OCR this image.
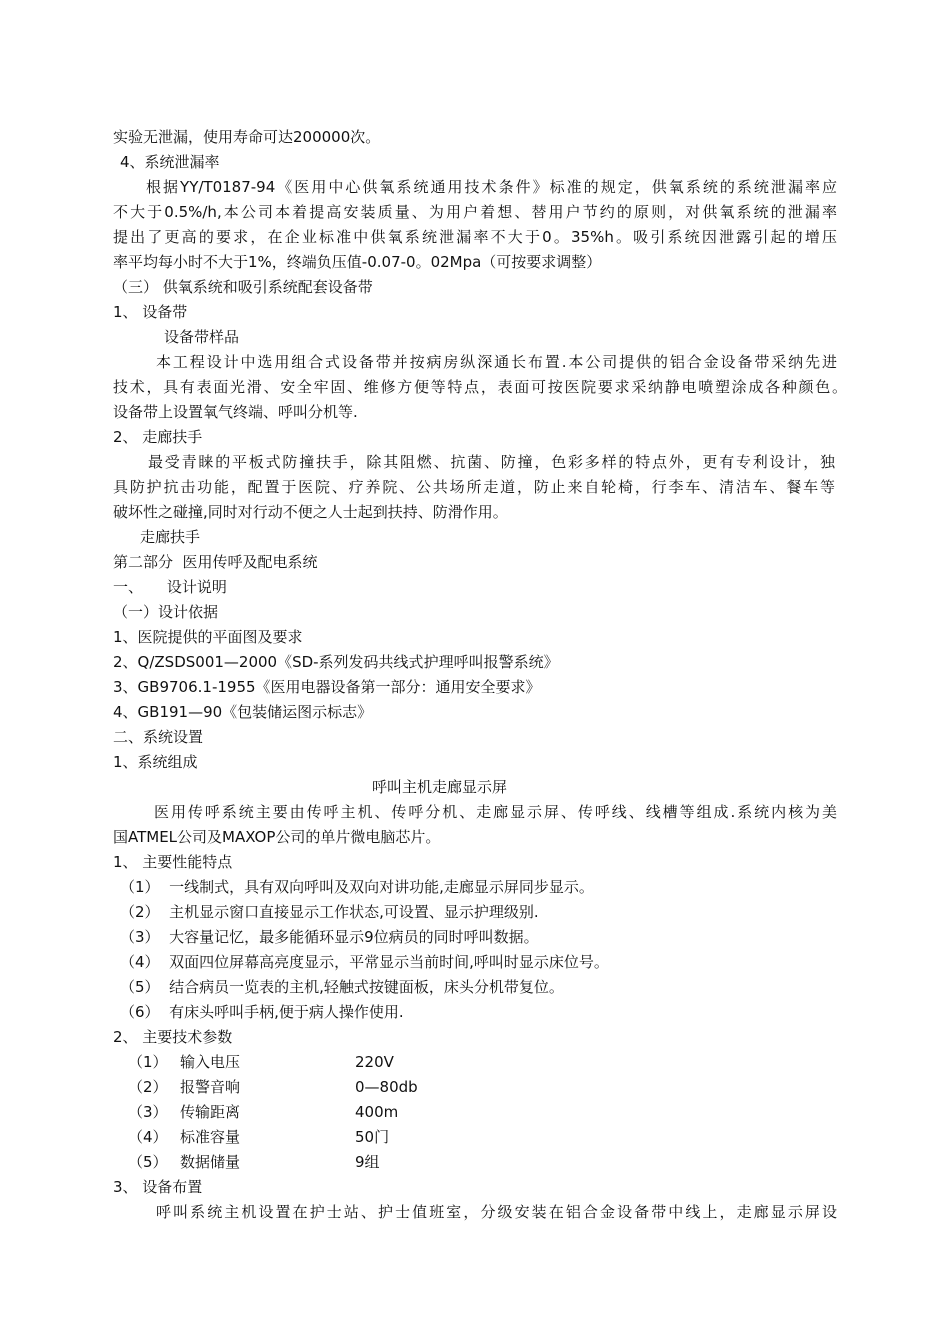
实验无泄漏，使用寿命可达200000次。
4、系统泄漏率
根据YY/T0187-94《医用中心供氧系统通用技术条件》标准的规定，供氧系统的系统泄漏率应
不大于0.5%/h,本公司本着提高安装质量、为用户着想、替用户节约的原则，对供氧系统的泄漏率
提出了更高的要求，在企业标准中供氧系统泄漏率不大于0。35%h。吸引系统因泄露引起的增压
率平均每小时不大于1%，终端负压值-0.07-0。02Mpa（可按要求调整）
（三） 供氧系统和吸引系统配套设备带
1、 设备带
设备带样品
本工程设计中选用组合式设备带并按病房纵深通长布置.本公司提供的铝合金设备带采纳先进
技术，具有表面光滑、安全牢固、维修方便等特点，表面可按医院要求采纳静电喷塑涂成各种颜色。
设备带上设置氧气终端、呼叫分机等.
2、 走廊扶手
最受青睐的平板式防撞扶手，除其阻燃、抗菌、防撞，色彩多样的特点外，更有专利设计，独
具防护抗击功能，配置于医院、疗养院、公共场所走道，防止来自轮椅，行李车、清洁车、餐车等
破坏性之碰撞,同时对行动不便之人士起到扶持、防滑作用。
走廊扶手
第二部分  医用传呼及配电系统
一、     设计说明
（一）设计依据
1、医院提供的平面图及要求
2、Q/ZSDS001—2000《SD-系列发码共线式护理呼叫报警系统》
3、GB9706.1-1955《医用电器设备第一部分：通用安全要求》
4、GB191—90《包装储运图示标志》
二、系统设置
1、系统组成
呼叫主机走廊显示屏
医用传呼系统主要由传呼主机、传呼分机、走廊显示屏、传呼线、线槽等组成.系统内核为美
国ATMEL公司及MAXOP公司的单片微电脑芯片。
1、 主要性能特点
（1）  一线制式，具有双向呼叫及双向对讲功能,走廊显示屏同步显示。
（2）  主机显示窗口直接显示工作状态,可设置、显示护理级别.
（3）  大容量记忆，最多能循环显示9位病员的同时呼叫数据。
（4）  双面四位屏幕高亮度显示，平常显示当前时间,呼叫时显示床位号。
（5）  结合病员一览表的主机,轻触式按键面板，床头分机带复位。
（6）  有床头呼叫手柄,便于病人操作使用.
2、 主要技术参数
（1） 输入电压	220V
（2） 报警音响	0—80db
（3） 传输距离	400m
（4） 标准容量	50门
（5） 数据储量	9组
3、 设备布置
呼叫系统主机设置在护士站、护士值班室，分级安装在铝合金设备带中线上，走廊显示屏设
